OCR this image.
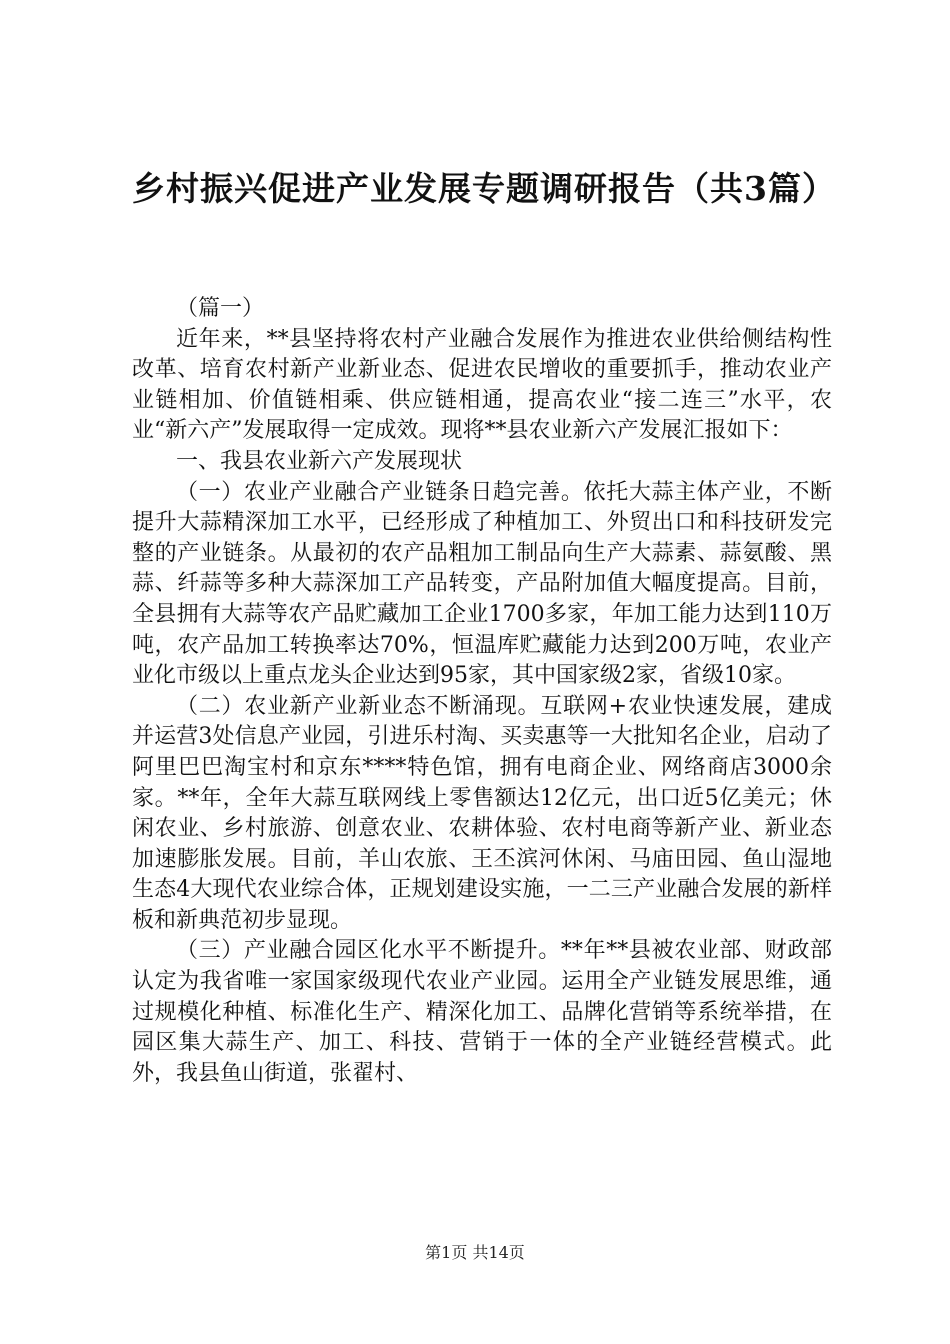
乡村振兴促进产业发展专题调研报告（共3篇）

（篇一）

近年来，**县坚持将农村产业融合发展作为推进农业供给侧结构性改革、培育农村新产业新业态、促进农民增收的重要抓手，推动农业产业链相加、价值链相乘、供应链相通，提高农业“接二连三”水平，农业“新六产”发展取得一定成效。现将**县农业新六产发展汇报如下：

一、我县农业新六产发展现状

（一）农业产业融合产业链条日趋完善。依托大蒜主体产业，不断提升大蒜精深加工水平，已经形成了种植加工、外贸出口和科技研发完整的产业链条。从最初的农产品粗加工制品向生产大蒜素、蒜氨酸、黑蒜、纤蒜等多种大蒜深加工产品转变，产品附加值大幅度提高。目前，全县拥有大蒜等农产品贮藏加工企业1700多家，年加工能力达到110万吨，农产品加工转换率达70%，恒温库贮藏能力达到200万吨，农业产业化市级以上重点龙头企业达到95家，其中国家级2家，省级10家。

（二）农业新产业新业态不断涌现。互联网+农业快速发展，建成并运营3处信息产业园，引进乐村淘、买卖惠等一大批知名企业，启动了阿里巴巴淘宝村和京东****特色馆，拥有电商企业、网络商店3000余家。**年，全年大蒜互联网线上零售额达12亿元，出口近5亿美元；休闲农业、乡村旅游、创意农业、农耕体验、农村电商等新产业、新业态加速膨胀发展。目前，羊山农旅、王丕滨河休闲、马庙田园、鱼山湿地生态4大现代农业综合体，正规划建设实施，一二三产业融合发展的新样板和新典范初步显现。

（三）产业融合园区化水平不断提升。**年**县被农业部、财政部认定为我省唯一家国家级现代农业产业园。运用全产业链发展思维，通过规模化种植、标准化生产、精深化加工、品牌化营销等系统举措，在园区集大蒜生产、加工、科技、营销于一体的全产业链经营模式。此外，我县鱼山街道，张翟村、

第1页 共14页
